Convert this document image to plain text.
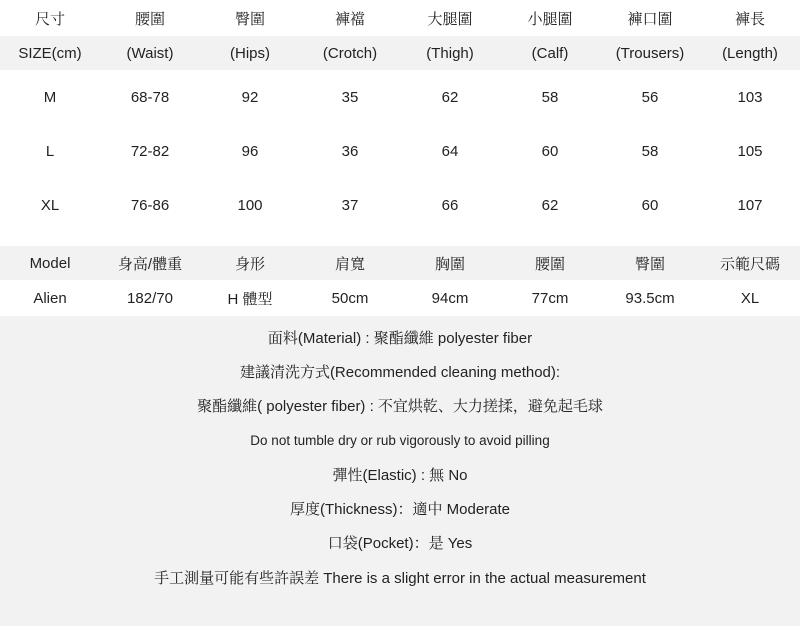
尺寸	腰圍	臀圍	褲襠	大腿圍	小腿圍	褲口圍	褲長
SIZE(cm)	(Waist)	(Hips)	(Crotch)	(Thigh)	(Calf)	(Trousers)	(Length)
M	68-78	92	35	62	58	56	103
L	72-82	96	36	64	60	58	105
XL	76-86	100	37	66	62	60	107
Model	身高/體重	身形	肩寬	胸圍	腰圍	臀圍	示範尺碼
Alien	182/70	H 體型	50cm	94cm	77cm	93.5cm	XL
面料(Material) : 聚酯纖維 polyester fiber
建議清洗方式(Recommended cleaning method):
聚酯纖維( polyester fiber) : 不宜烘乾、大力搓揉，避免起毛球
Do not tumble dry or rub vigorously to avoid pilling
彈性(Elastic) : 無 No
厚度(Thickness)：適中 Moderate
口袋(Pocket)：是 Yes
手工測量可能有些許誤差 There is a slight error in the actual measurement
